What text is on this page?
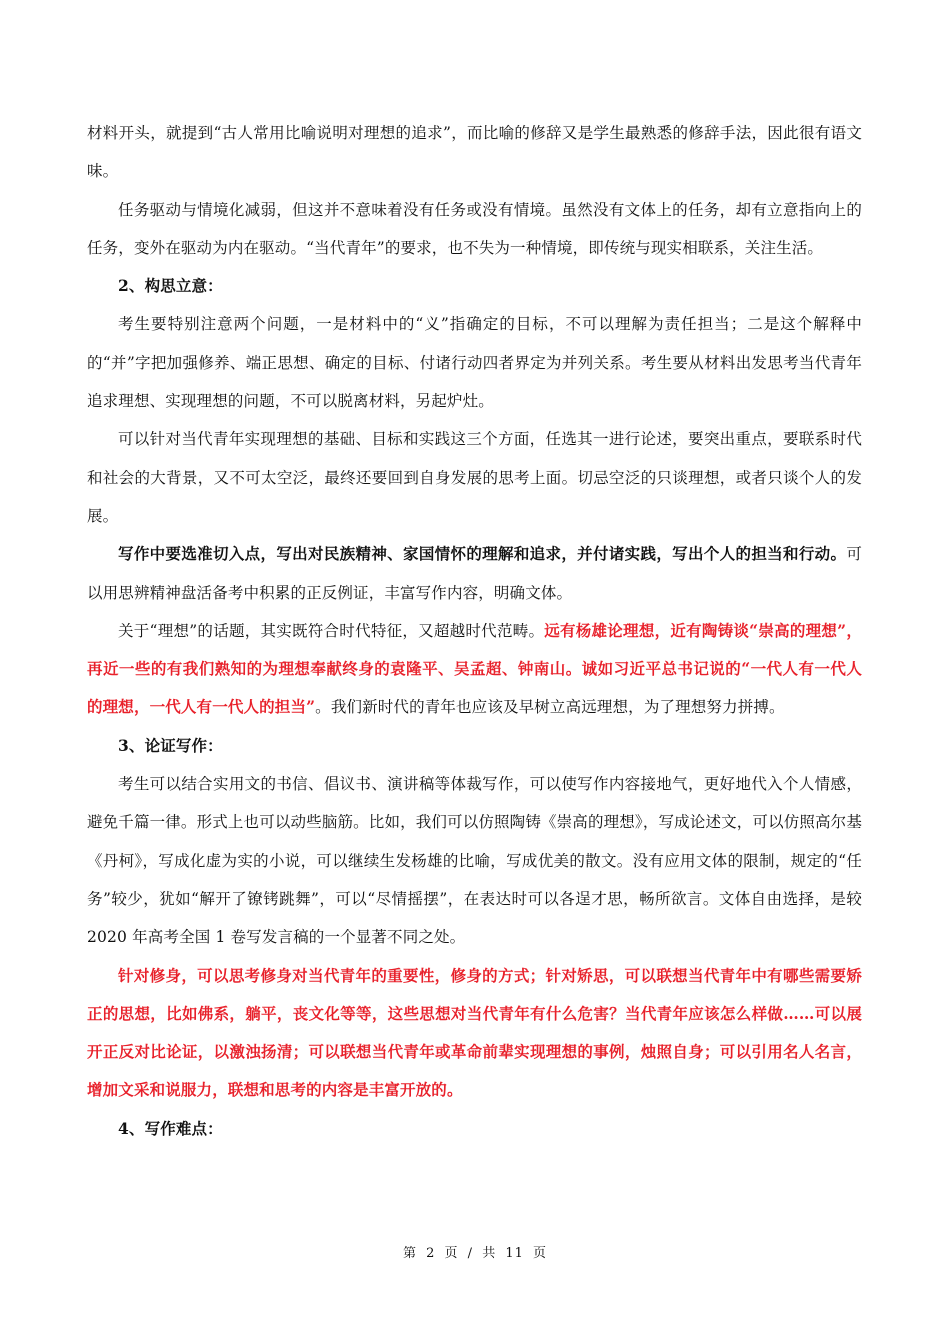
材料开头，就提到“古人常用比喻说明对理想的追求”，而比喻的修辞又是学生最熟悉的修辞手法，因此很有语文味。

任务驱动与情境化减弱，但这并不意味着没有任务或没有情境。虽然没有文体上的任务，却有立意指向上的任务，变外在驱动为内在驱动。“当代青年”的要求，也不失为一种情境，即传统与现实相联系，关注生活。

2、构思立意：

考生要特别注意两个问题，一是材料中的“义”指确定的目标，不可以理解为责任担当；二是这个解释中的“并”字把加强修养、端正思想、确定的目标、付诸行动四者界定为并列关系。考生要从材料出发思考当代青年追求理想、实现理想的问题，不可以脱离材料，另起炉灶。

可以针对当代青年实现理想的基础、目标和实践这三个方面，任选其一进行论述，要突出重点，要联系时代和社会的大背景，又不可太空泛，最终还要回到自身发展的思考上面。切忌空泛的只谈理想，或者只谈个人的发展。

写作中要选准切入点，写出对民族精神、家国情怀的理解和追求，并付诸实践，写出个人的担当和行动。可以用思辨精神盘活备考中积累的正反例证，丰富写作内容，明确文体。

关于“理想”的话题，其实既符合时代特征，又超越时代范畴。远有杨雄论理想，近有陶铸谈“崇高的理想”，再近一些的有我们熟知的为理想奉献终身的袁隆平、吴孟超、钟南山。诚如习近平总书记说的“一代人有一代人的理想，一代人有一代人的担当”。我们新时代的青年也应该及早树立高远理想，为了理想努力拼搏。

3、论证写作：

考生可以结合实用文的书信、倡议书、演讲稿等体裁写作，可以使写作内容接地气，更好地代入个人情感，避免千篇一律。形式上也可以动些脑筋。比如，我们可以仿照陶铸《崇高的理想》，写成论述文，可以仿照高尔基《丹柯》，写成化虚为实的小说，可以继续生发杨雄的比喻，写成优美的散文。没有应用文体的限制，规定的“任务”较少，犹如“解开了镣铐跳舞”，可以“尽情摇摆”，在表达时可以各逞才思，畅所欲言。文体自由选择，是较 2020 年高考全国 1 卷写发言稿的一个显著不同之处。

针对修身，可以思考修身对当代青年的重要性，修身的方式；针对矫思，可以联想当代青年中有哪些需要矫正的思想，比如佛系，躺平，丧文化等等，这些思想对当代青年有什么危害？当代青年应该怎么样做……可以展开正反对比论证，以激浊扬清；可以联想当代青年或革命前辈实现理想的事例，烛照自身；可以引用名人名言，增加文采和说服力，联想和思考的内容是丰富开放的。

4、写作难点：

第 2 页 / 共 11 页
